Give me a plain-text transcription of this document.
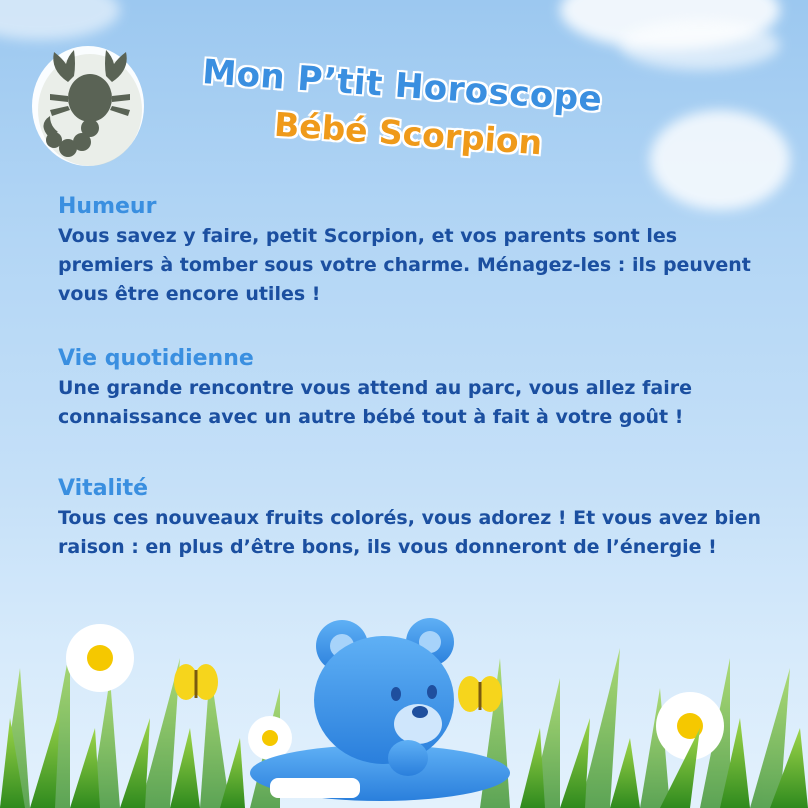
Mon P’tit Horoscope
Bébé Scorpion
Humeur

Vous savez y faire, petit Scorpion, et vos parents sont les premiers à tomber sous votre charme. Ménagez-les : ils peuvent vous être encore utiles !

Vie quotidienne

Une grande rencontre vous attend au parc, vous allez faire connaissance avec un autre bébé tout à fait à votre goût !

Vitalité

Tous ces nouveaux fruits colorés, vous adorez ! Et vous avez bien raison : en plus d’être bons, ils vous donneront de l’énergie !
